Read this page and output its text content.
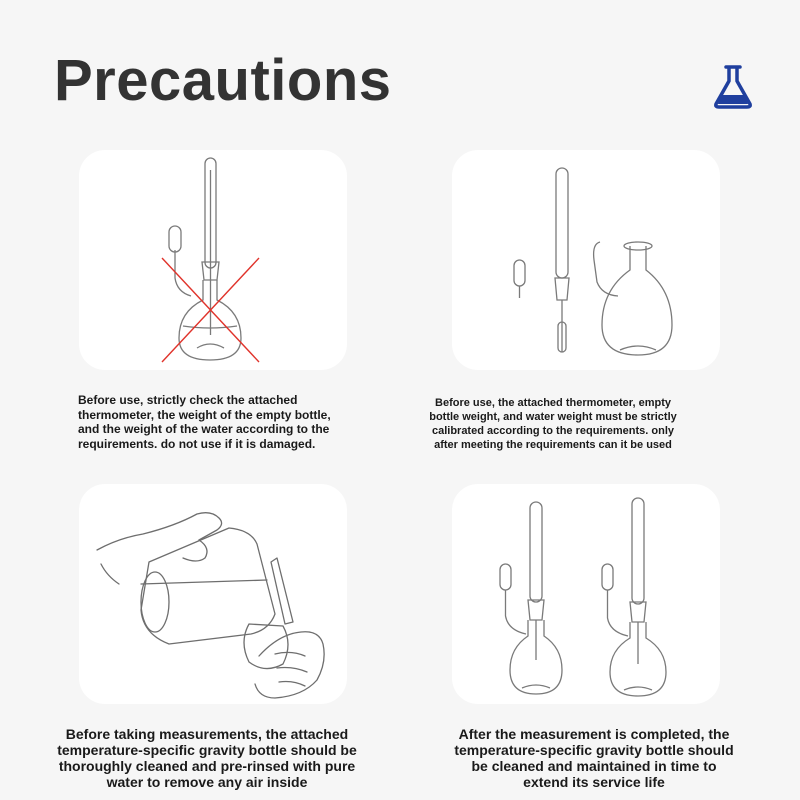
Precautions

Before use, strictly check the attached
thermometer, the weight of the empty bottle,
and the weight of the water according to the
requirements. do not use if it is damaged.

Before use, the attached thermometer, empty
bottle weight, and water weight must be strictly
calibrated according to the requirements. only
after meeting the requirements can it be used

Before taking measurements, the attached
temperature-specific gravity bottle should be
thoroughly cleaned and pre-rinsed with pure
water to remove any air inside

After the measurement is completed, the
temperature-specific gravity bottle should
be cleaned and maintained in time to
extend its service life
